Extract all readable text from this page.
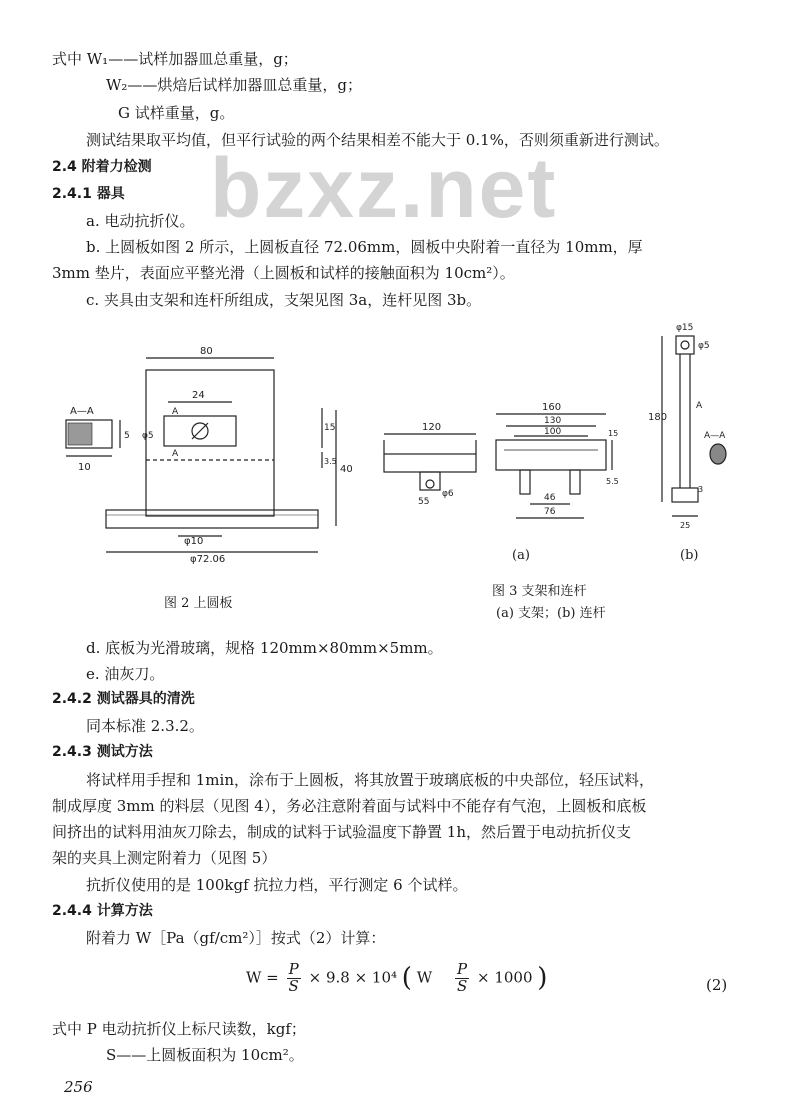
bzxz.net
式中 W₁——试样加器皿总重量，g；
W₂——烘焙后试样加器皿总重量，g；
G 试样重量，g。
测试结果取平均值，但平行试验的两个结果相差不能大于 0.1%，否则须重新进行测试。
2.4 附着力检测
2.4.1 器具
a. 电动抗折仪。
b. 上圆板如图 2 所示，上圆板直径 72.06mm，圆板中央附着一直径为 10mm，厚
3mm 垫片，表面应平整光滑（上圆板和试样的接触面积为 10cm²）。
c. 夹具由支架和连杆所组成，支架见图 3a，连杆见图 3b。
10
A—A
5
80
24
A
A
φ5
15
40
3.5
φ10
φ72.06
图 2 上圆板
120
φ6
55
160
130
100
46
76
15
5.5
φ15
φ5
180
A
A—A
3
25
(a)	(b)
图 3 支架和连杆
(a) 支架；(b) 连杆
d. 底板为光滑玻璃，规格 120mm×80mm×5mm。
e. 油灰刀。
2.4.2 测试器具的清洗
同本标准 2.3.2。
2.4.3 测试方法
将试样用手捏和 1min，涂布于上圆板，将其放置于玻璃底板的中央部位，轻压试料，
制成厚度 3mm 的料层（见图 4），务必注意附着面与试料中不能存有气泡，上圆板和底板
间挤出的试料用油灰刀除去，制成的试料于试验温度下静置 1h，然后置于电动抗折仪支
架的夹具上测定附着力（见图 5）
抗折仪使用的是 100kgf 抗拉力档，平行测定 6 个试样。
2.4.4 计算方法
附着力 W［Pa（gf/cm²）］按式（2）计算：
$W = \frac{P}{S} \times 9.8 \times 10^4$ ( W $\frac{P}{S} \times 1000$ )	(2)
式中 P 电动抗折仪上标尺读数，kgf；
S——上圆板面积为 10cm²。
256
